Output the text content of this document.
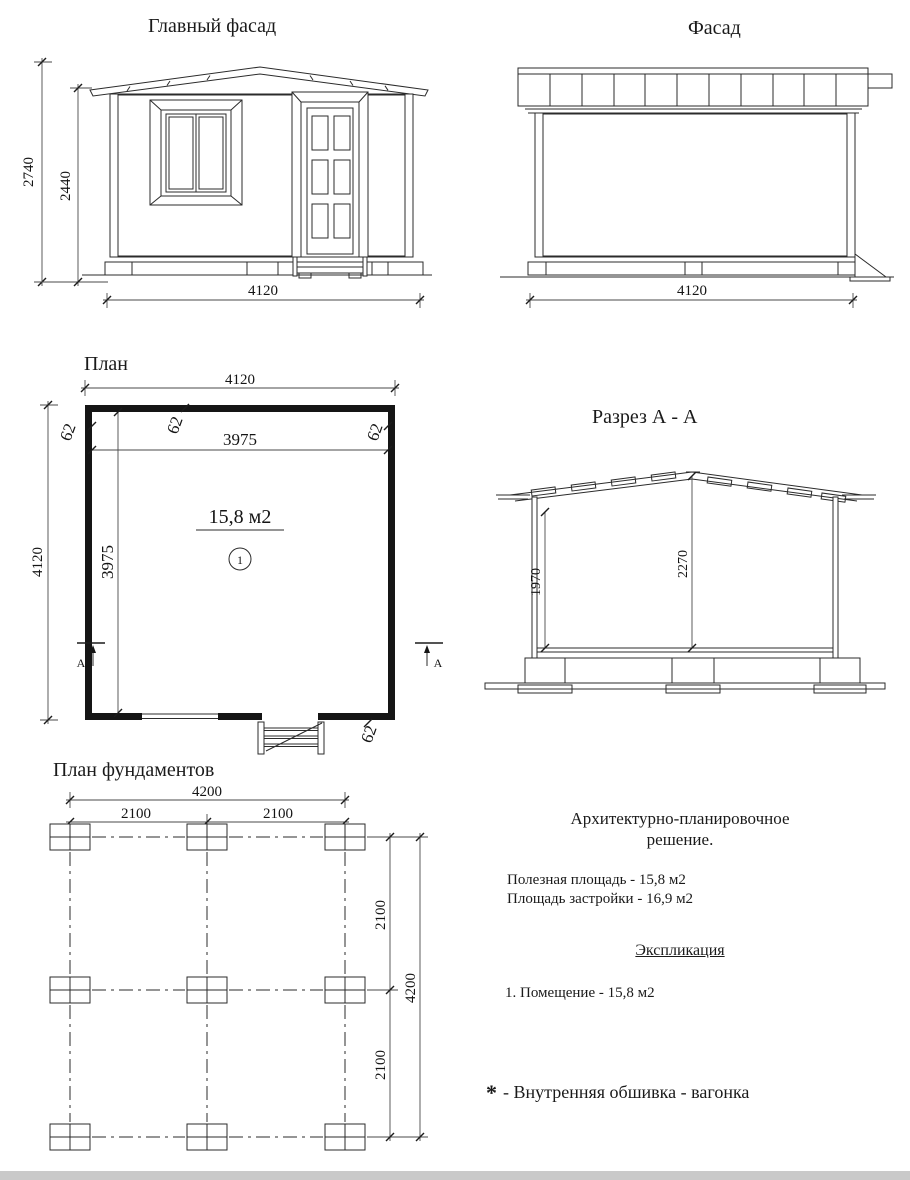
Главный фасад	Фасад
План
Разрез А - А
План фундаментов
2740 2440
4120	4120
4120
4120
3975
3975
62	62	62
62
15,8 м2
1
А	А
1970
2270
4200
2100	2100
2100
2100
4200
Архитектурно-планировочное
решение.
Полезная площадь - 15,8 м2
Площадь застройки - 16,9 м2
Экспликация
1. Помещение - 15,8 м2
* - Внутренняя обшивка - вагонка
